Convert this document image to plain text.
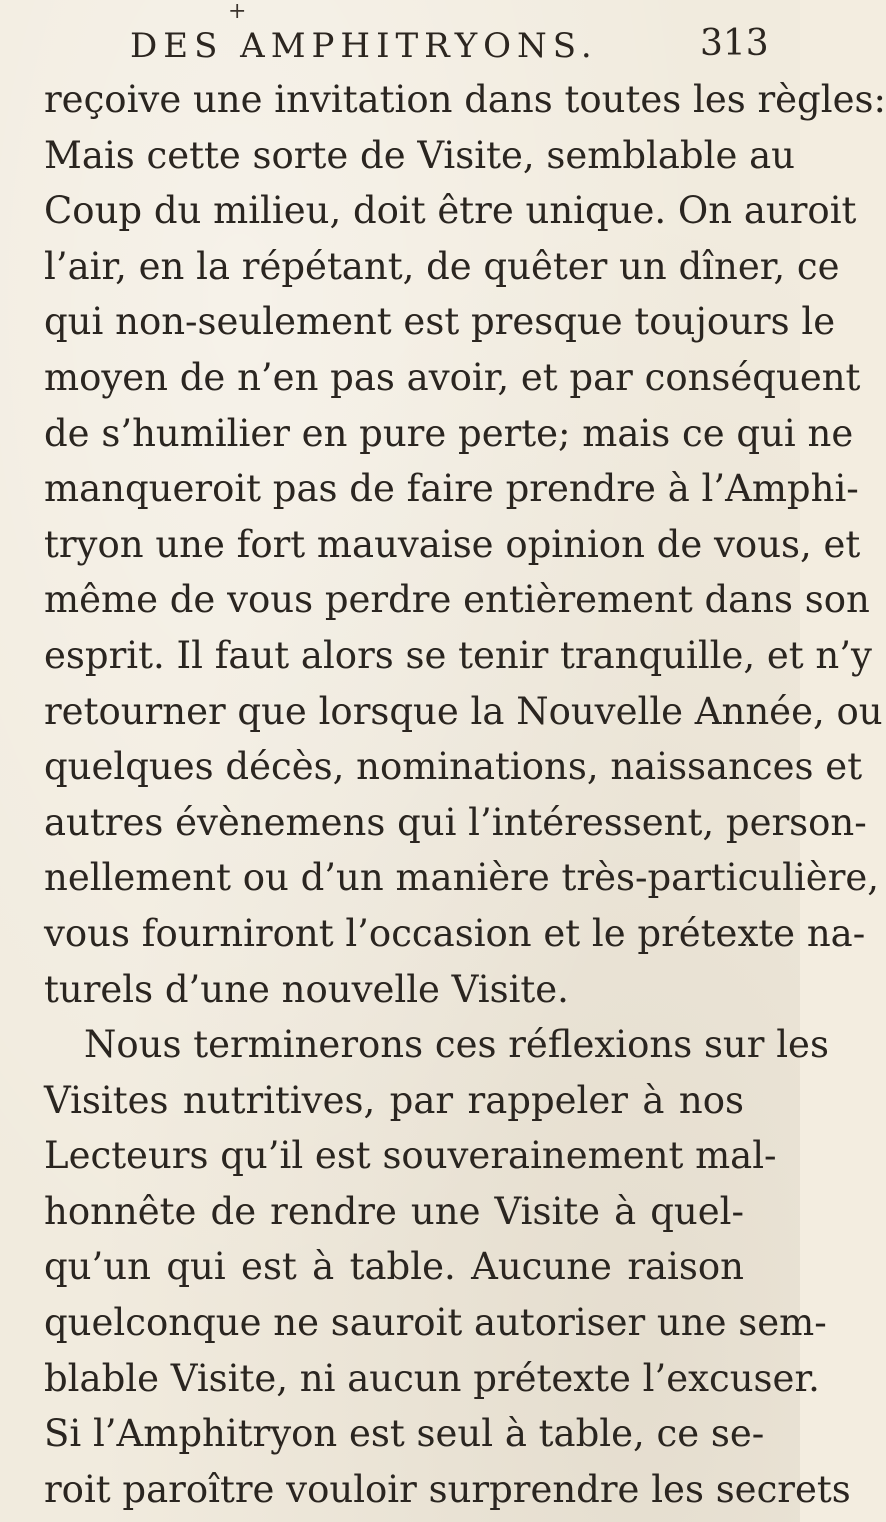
+
DES AMPHITRYONS.	313
reçoive une invitation dans toutes les règles:
Mais cette sorte de Visite, semblable au
Coup du milieu, doit être unique. On auroit
l’air, en la répétant, de quêter un dîner, ce
qui non-seulement est presque toujours le
moyen de n’en pas avoir, et par conséquent
de s’humilier en pure perte; mais ce qui ne
manqueroit pas de faire prendre à l’Amphi-
tryon une fort mauvaise opinion de vous, et
même de vous perdre entièrement dans son
esprit. Il faut alors se tenir tranquille, et n’y
retourner que lorsque la Nouvelle Année, ou
quelques décès, nominations, naissances et
autres évènemens qui l’intéressent, person-
nellement ou d’un manière très-particulière,
vous fourniront l’occasion et le prétexte na-
turels d’une nouvelle Visite.
Nous terminerons ces réflexions sur les
Visites nutritives, par rappeler à nos
Lecteurs qu’il est souverainement mal-
honnête de rendre une Visite à quel-
qu’un qui est à table. Aucune raison
quelconque ne sauroit autoriser une sem-
blable Visite, ni aucun prétexte l’excuser.
Si l’Amphitryon est seul à table, ce se-
roit paroître vouloir surprendre les secrets
